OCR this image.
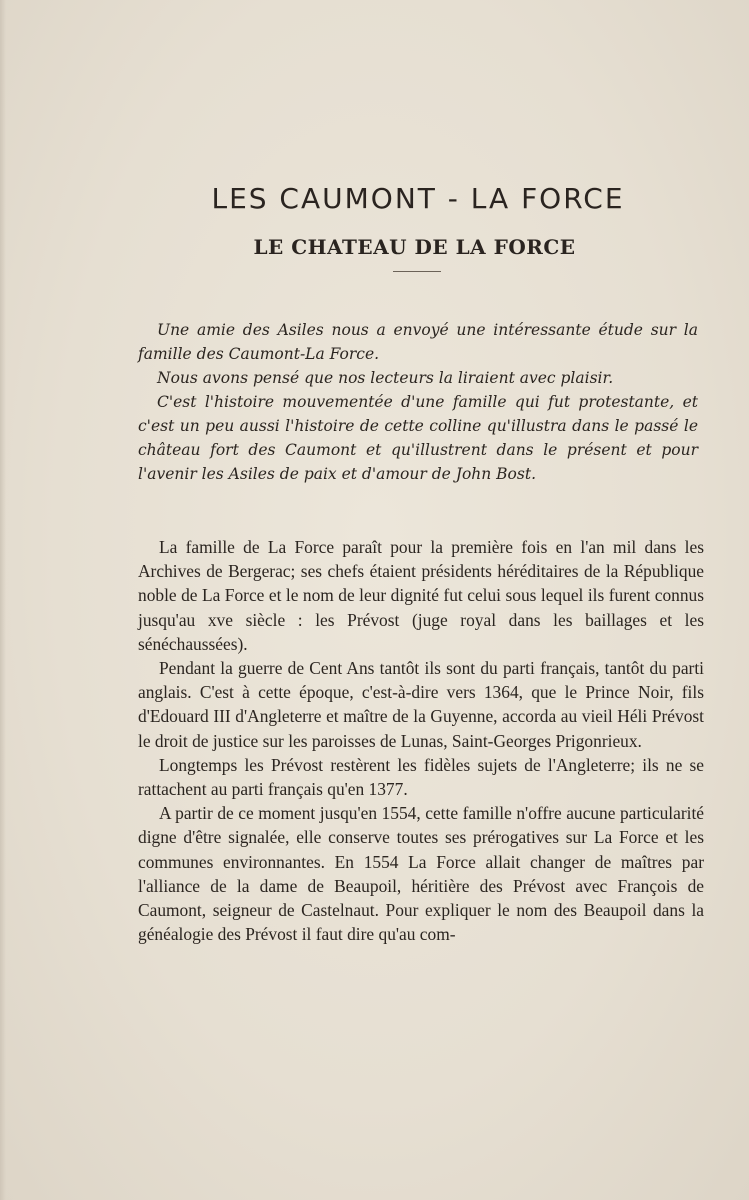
LES CAUMONT - LA FORCE
LE CHATEAU DE LA FORCE

Une amie des Asiles nous a envoyé une intéressante étude sur la famille des Caumont-La Force.

Nous avons pensé que nos lecteurs la liraient avec plaisir.

C'est l'histoire mouvementée d'une famille qui fut protestante, et c'est un peu aussi l'histoire de cette colline qu'illustra dans le passé le château fort des Caumont et qu'illustrent dans le présent et pour l'avenir les Asiles de paix et d'amour de John Bost.

La famille de La Force paraît pour la première fois en l'an mil dans les Archives de Bergerac; ses chefs étaient présidents héréditaires de la République noble de La Force et le nom de leur dignité fut celui sous lequel ils furent connus jusqu'au xve siècle : les Prévost (juge royal dans les baillages et les sénéchaussées).

Pendant la guerre de Cent Ans tantôt ils sont du parti français, tantôt du parti anglais. C'est à cette époque, c'est-à-dire vers 1364, que le Prince Noir, fils d'Edouard III d'Angleterre et maître de la Guyenne, accorda au vieil Héli Prévost le droit de justice sur les paroisses de Lunas, Saint-Georges Prigonrieux.

Longtemps les Prévost restèrent les fidèles sujets de l'Angleterre; ils ne se rattachent au parti français qu'en 1377.

A partir de ce moment jusqu'en 1554, cette famille n'offre aucune particularité digne d'être signalée, elle conserve toutes ses prérogatives sur La Force et les communes environnantes. En 1554 La Force allait changer de maîtres par l'alliance de la dame de Beaupoil, héritière des Prévost avec François de Caumont, seigneur de Castelnaut. Pour expliquer le nom des Beaupoil dans la généalogie des Prévost il faut dire qu'au com-
